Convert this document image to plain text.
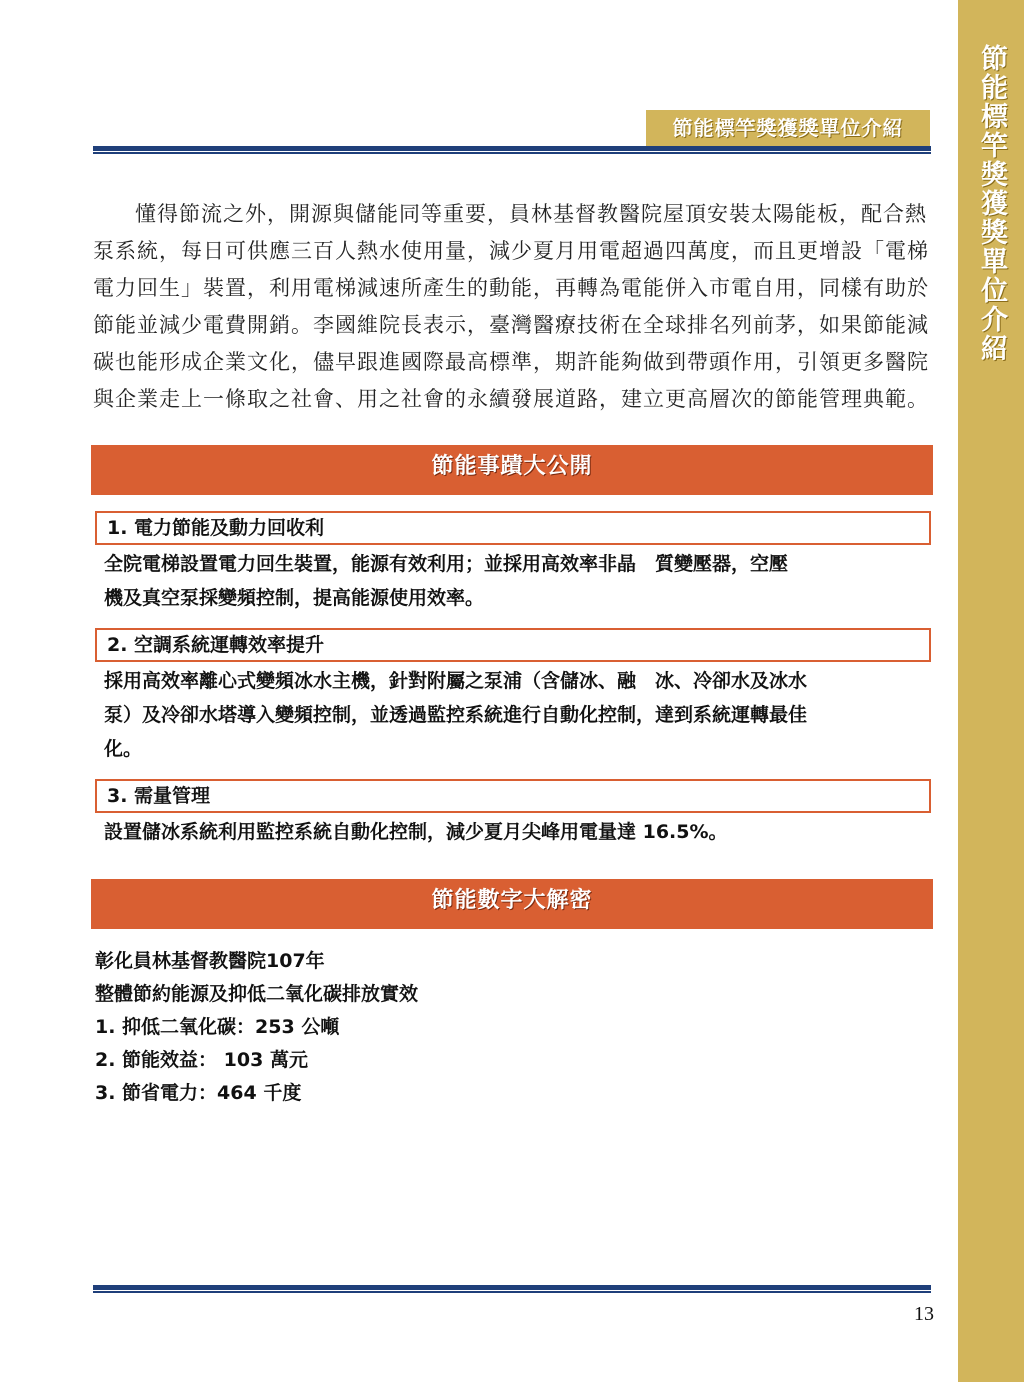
節能標竿獎獲獎單位介紹
節能標竿獎獲獎單位介紹
懂得節流之外，開源與儲能同等重要，員林基督教醫院屋頂安裝太陽能板，配合熱
泵系統，每日可供應三百人熱水使用量，減少夏月用電超過四萬度，而且更增設「電梯
電力回生」裝置，利用電梯減速所產生的動能，再轉為電能併入市電自用，同樣有助於
節能並減少電費開銷。李國維院長表示，臺灣醫療技術在全球排名列前茅，如果節能減
碳也能形成企業文化，儘早跟進國際最高標準，期許能夠做到帶頭作用，引領更多醫院
與企業走上一條取之社會、用之社會的永續發展道路，建立更高層次的節能管理典範。
節能事蹟大公開
1. 電力節能及動力回收利
全院電梯設置電力回生裝置，能源有效利用；並採用高效率非晶　質變壓器，空壓
機及真空泵採變頻控制，提高能源使用效率。
2. 空調系統運轉效率提升
採用高效率離心式變頻冰水主機，針對附屬之泵浦（含儲冰、融　冰、冷卻水及冰水
泵）及冷卻水塔導入變頻控制，並透過監控系統進行自動化控制，達到系統運轉最佳
化。
3. 需量管理
設置儲冰系統利用監控系統自動化控制，減少夏月尖峰用電量達 16.5%。
節能數字大解密
彰化員林基督教醫院107年
整體節約能源及抑低二氧化碳排放實效
1. 抑低二氧化碳：253 公噸
2. 節能效益： 103 萬元
3. 節省電力：464 千度
13
